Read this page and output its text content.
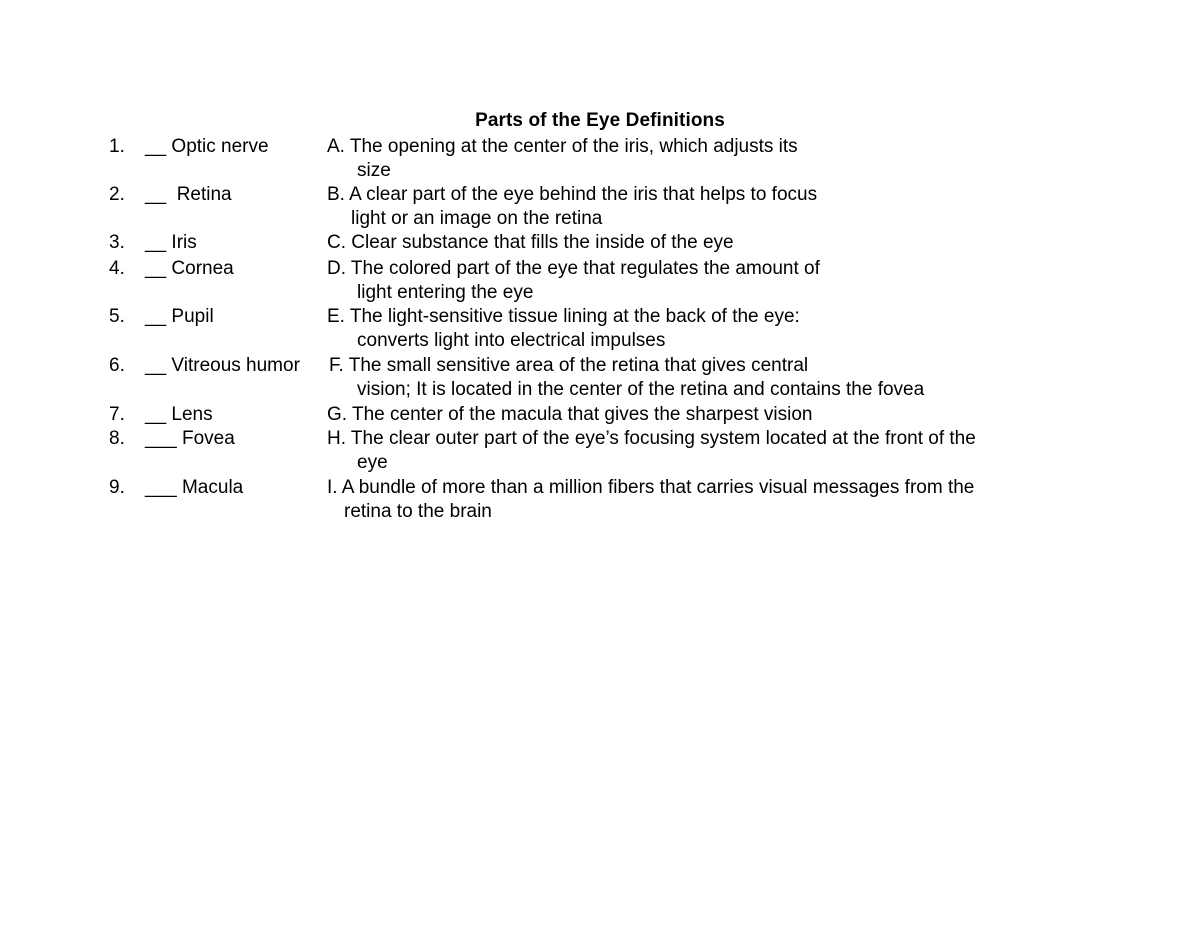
Parts of the Eye Definitions
1. __ Optic nerve	A. The opening at the center of the iris, which adjusts its
size
2. __  Retina	B. A clear part of the eye behind the iris that helps to focus
light or an image on the retina
3. __ Iris	C. Clear substance that fills the inside of the eye
4. __ Cornea	D. The colored part of the eye that regulates the amount of
light entering the eye
5. __ Pupil	E. The light-sensitive tissue lining at the back of the eye:
converts light into electrical impulses
6. __ Vitreous humor F. The small sensitive area of the retina that gives central
vision; It is located in the center of the retina and contains the fovea
7. __ Lens	G. The center of the macula that gives the sharpest vision
8. ___ Fovea	H. The clear outer part of the eye’s focusing system located at the front of the
eye
9. ___ Macula	I. A bundle of more than a million fibers that carries visual messages from the
retina to the brain
